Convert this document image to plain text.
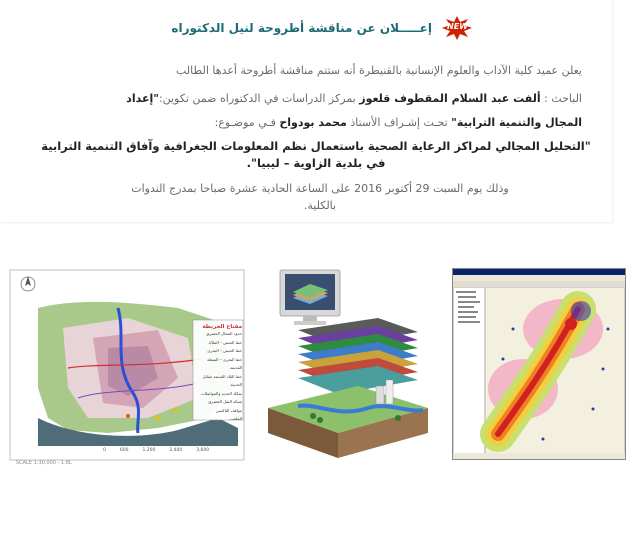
NEW
إعـــــلان عن مناقشة أطروحة لنيل الدكتوراه
يعلن عميد كلية الآداب والعلوم الإنسانية بالقنيطرة أنه ستتم مناقشة أطروحة أعدها الطالب
الباحث : ألفت عبد السلام المقطوف قلعوز بمركز الدراسات في الدكتوراه ضمن تكوين:"إعداد
المجال والتنمية الترابية" تحـت إشـراف الأستاذ محمد بودواح فـي موضـوع:
"التحليل المجالي لمراكز الرعاية الصحية باستعمال نظم المعلومات الجغرافية وآفاق التنمية الترابية
في بلدية الزاوية – ليبيا".
وذلك يوم السبت 29 أكتوبر 2016 على الساعة الحادية عشرة صباحا بمدرج الندوات
بالكلية.
مفتاح الخريطة
حدود المجال الحضري
خط الحبس – الملاك
خط الحبس – البحرى
خط البحرى – المنظة القديمة
خط البلاد القديمة مقابل الحديثة
سكك الحديد والمواصلات
شبكة النقل الحضري
مواقف التاكسي
الملعب
0	600	1,200	2,400	3,600
SCALE 1:30,000 - 1:8L
